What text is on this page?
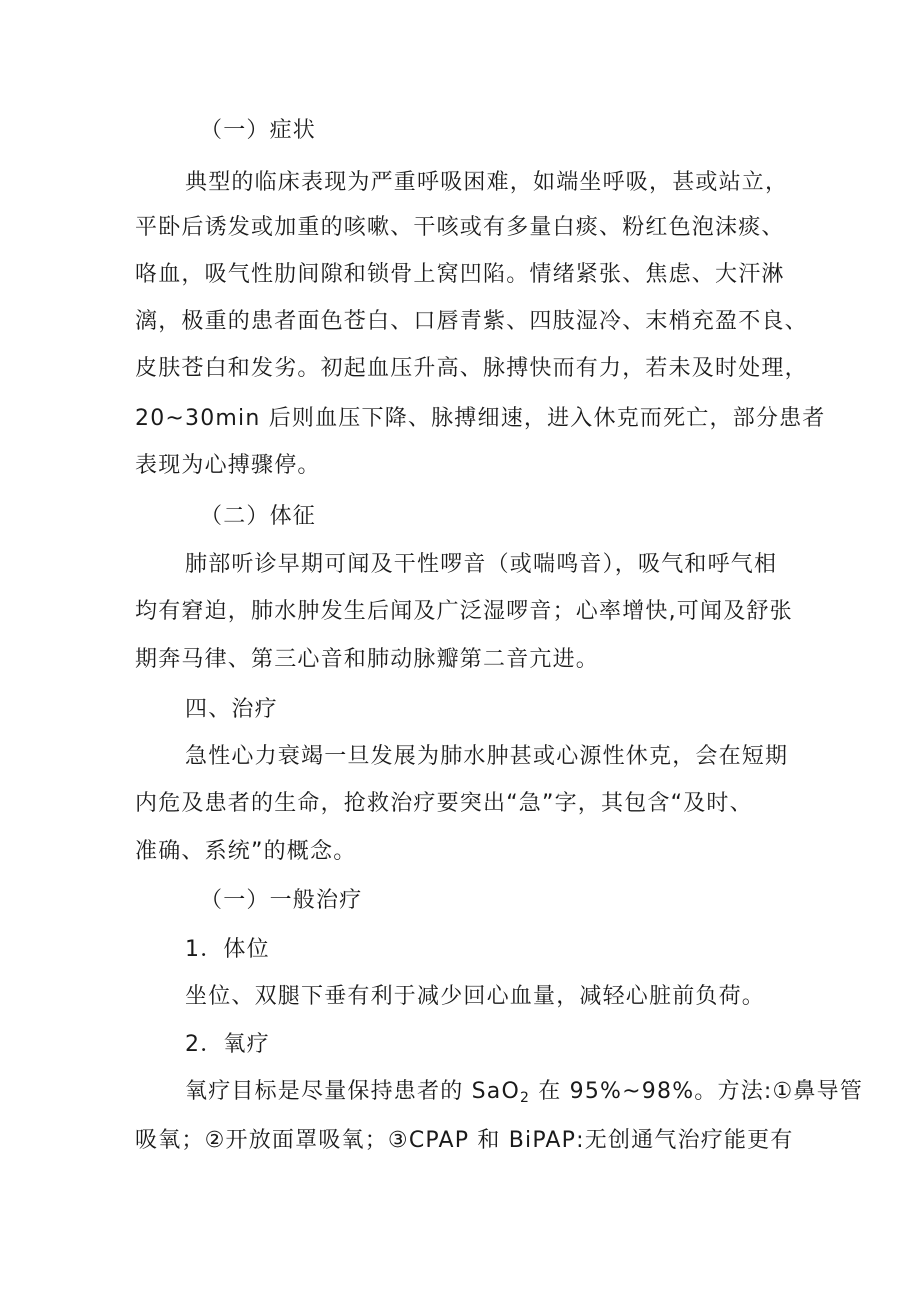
（一）症状
典型的临床表现为严重呼吸困难，如端坐呼吸，甚或站立，
平卧后诱发或加重的咳嗽、干咳或有多量白痰、粉红色泡沫痰、
咯血，吸气性肋间隙和锁骨上窝凹陷。情绪紧张、焦虑、大汗淋
漓，极重的患者面色苍白、口唇青紫、四肢湿冷、末梢充盈不良、
皮肤苍白和发劣。初起血压升高、脉搏快而有力，若未及时处理，
20~30min 后则血压下降、脉搏细速，进入休克而死亡，部分患者
表现为心搏骤停。
（二）体征
肺部听诊早期可闻及干性啰音（或喘鸣音），吸气和呼气相
均有窘迫，肺水肿发生后闻及广泛湿啰音；心率增快,可闻及舒张
期奔马律、第三心音和肺动脉瓣第二音亢进。
四、治疗
急性心力衰竭一旦发展为肺水肿甚或心源性休克，会在短期
内危及患者的生命，抢救治疗要突出“急”字，其包含“及时、
准确、系统”的概念。
（一）一般治疗
1．体位
坐位、双腿下垂有利于减少回心血量，减轻心脏前负荷。
2．氧疗
氧疗目标是尽量保持患者的 SaO$_2$ 在 95%~98%。方法:①鼻导管
吸氧；②开放面罩吸氧；③CPAP 和 BiPAP:无创通气治疗能更有
